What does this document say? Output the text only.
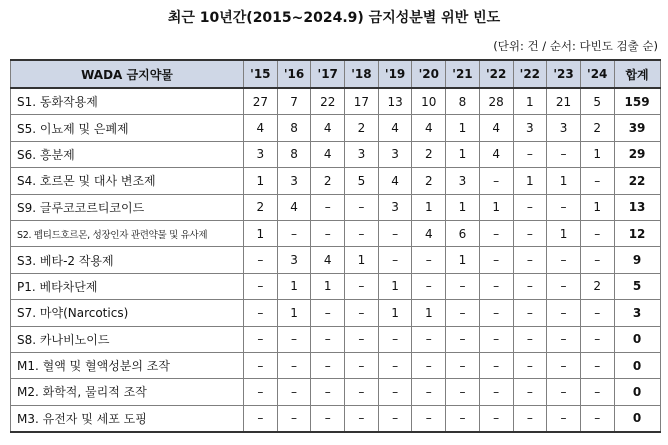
최근 10년간(2015~2024.9) 금지성분별 위반 빈도
(단위: 건 / 순서: 다빈도 검출 순)
WADA 금지약물	'15	'16	'17	'18	'19	'20	'21	'22	'22	'23	'24	합계
S1. 동화작용제	27	7	22	17	13	10	8	28	1	21	5	159
S5. 이뇨제 및 은폐제	4	8	4	2	4	4	1	4	3	3	2	39
S6. 흥분제	3	8	4	3	3	2	1	4	–	–	1	29
S4. 호르몬 및 대사 변조제	1	3	2	5	4	2	3	–	1	1	–	22
S9. 글루코코르티코이드	2	4	–	–	3	1	1	1	–	–	1	13
S2. 펩티드호르몬, 성장인자 관련약물 및 유사제	1	–	–	–	–	4	6	–	–	1	–	12
S3. 베타-2 작용제	–	3	4	1	–	–	1	–	–	–	–	9
P1. 베타차단제	–	1	1	–	1	–	–	–	–	–	2	5
S7. 마약(Narcotics)	–	1	–	–	1	1	–	–	–	–	–	3
S8. 카나비노이드	–	–	–	–	–	–	–	–	–	–	–	0
M1. 혈액 및 혈액성분의 조작	–	–	–	–	–	–	–	–	–	–	–	0
M2. 화학적, 물리적 조작	–	–	–	–	–	–	–	–	–	–	–	0
M3. 유전자 및 세포 도핑	–	–	–	–	–	–	–	–	–	–	–	0
